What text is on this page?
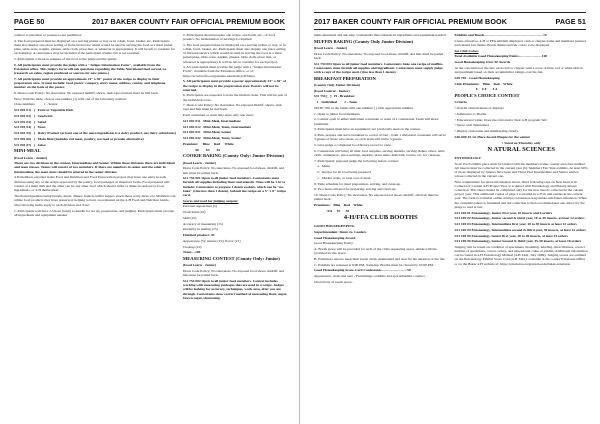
PAGE 50	2017 BAKER COUNTY FAIR OFFICIAL PREMIUM BOOK

a minor to purchase or possess is not permitted.

4. The food prepared must be displayed on a serving platter or tray or in a dish, bowl, basket, etc. Participants must also display one place setting of flatware/service which would be used in serving the food at a meal (salad plate, table-ware, napkin, glasses, table cloth, place mat, or whatever is appropriate). It will be left to consider for each display. A centerpiece may be included if the participant wishes, but is not required.

5. Participants will serve samples of the food to the judge and the public.

6. All participants must provide the judge with a "Judges Information Form", available from the Extension office. This judge's form will ask questions regarding the Table Nutritional food served, i.e. (research on value, region produced or sources for new plants.)

7. All participants must provide an approximate 24" x 30" poster of the recipe to display in their preparation area. It must include: food poster: category, entry name, address, county, and telephone number on the back of the poster.

8. Dress Code Policy: No sleeveless, No exposed midriff, shorts, tank tops and hair must be tied back.

Note: With the table, choose one number (1) with one of the following combos:

Class numbers          1 - Senior

S11 001 01(   )   Fruit or Vegetable Dish

S11 001 02(   )   Sandwich

S11 001 03(   )   Salad

S11 001 04(   )   Yeast

S11 001 05(   )   Dairy Product (at least one of the more ingredients is a dairy product, not dairy substitutes)

S11 001 06(   )   Main Dish (includes red meat, poultry, sea food or protein alternative)

S11 001 07(   )   Salsa

MINI-MEAL

(Food Learn - Junior)

There are two divisions in the contest, Intermediate and Senior. Within those divisions there are individual and team classes. Teams will consist of two members. If there are members in senior and the other in intermediate, the team must should be entered in the senior division.

4-H members enrolled in the Food and Nutrition and Food Preservation project may have one entry in each division using any of the recipe approved by the pantry, food packages or imported foods. Food prepared will consist of a main dish and the other can be any other food which should reflect a make in seafood or food ingredients, or 4-H theme meal.

The main ingredient being breads, lunch, dinner, brunch, buffet supper, snack meal, party meal, etc. Members can utilize food products they have preserved, helping to have an evaluated on the 4-H Food and Nutrition Guide.

The following items apply to each division and class:

1. Participants will have 1.5 hour (team) to handle for set up, preparation, and judging. Participants must provide all ingredients and equipment needed.

2. Participants should prepare one recipe, one batch, etc., of food product. No fermentation of servings is required.

3. The food prepared must be displayed on a serving platter or tray, or in a dish, bowl, basket, etc. Participants must also display one place setting of flatware/service which would be used in serving the food at a meal (salad plate, table-ware, napkin, glasses, table cloth, place mat, or whatever is appropriate). It will be left to consider for each project.

4. All participants must provide the judge with a "Judges Information Form", available from the Extension Office, or at: https://ecostar.ifas.oregonstate.edu/static/pdf/baker

5. All participants must provide a poster approximately 24" x 30" of the recipe to display in the preparation area. Posters will not be returned.

6. Participants are expected to have the kitchen clean. This will be part of the individual score.

7. Dress Code Policy: No sleeveless, No exposed midriff, shorts, tank tops and hair must be tied back.

Each contestant or team may enter only one class:

S11 002 011   Mini-Meal, Intermediate

S11 002 012   Mini-Meal, Team, Intermediate

S11 002 021   Mini-Meal, Senior

S11 002 022   Mini-Meal, Team, Senior

Premium:     Blue     Red     White

$6        $4        $2

COOKIE BAKING (County Only: Junior Division)

(Food Learn - Junior)

Dress Code Policy: No sleeveless, No exposed food shoes, midriff, and hair must be pulled back.

S11 754 001 Open to all junior food members. Contestants must furnish all supplies including flour and utensils. Time will be 1 hr to include: Contestants to prepare 1 dozen cookies, which can be "no-bake" (One less than 1 dozen). Submit the recipe on a 5" x 8" recipe card.

Scores and used for judging outputs:

Personal appearance (5)

Work habit (10)

Skill (10)

Accuracy of measuring (15)

Dexterity in mixing (15)

Finished product: 45

Appearance (5); texture (15); flavor (15)

Cleanup (10)

Total.....100

MEASURING CONTEST (County Only: Junior)

(Food Learn - Junior)

Dress Code Policy: No sleeveless, No exposed food shoes, midriff, and hair must be pulled back.

S11 754 002 Open to all junior food members. Contest includes working with measuring packages that are used in a recipe. Judges will be looking for accuracy, techniques, work area, after you are through. Contestants show correct method of measuring flour, sugar, brown sugar, shortening.

2017 BAKER COUNTY FAIR OFFICIAL PREMIUM BOOK	PAGE 51

items measured and ask why. Contestants must furnish all ingredients and equipment needed.

MUFFIN BAKING (County Only Junior Division)

(Food Learn - Junior)

Dress Code Policy: No sleeveless, No exposed food shoes, midriff, and hair must be pulled back.

S11 754 003 Open to all junior food members. Contestants bake one recipe of muffins. Contestants must furnish all supplies and ingredients. Contestants must supply judge with a copy of the recipe used. (One less than 1 dozen).

BREAKFAST PREPARATION

(County Only Junior Division)

(Food Control - Junior)

S11 754 [   ]   H - Breakfast

1 - Individual        2 - Team

NOTE: Fill in the blank with one number ( ) with appropriate number.

1. Open to junior food members.

2. Contest open to either individual contestant or team of 2 contestants. Team will share premiums.

3. Participants must have an equipment; not previously used on the contest.

4. Plan, prepare and serve breakfast to a total of four - from 1 divisional contestant will serve 3 guests of those who chose, or each team will invite 3 guests.

5. Give judge a completed food history record to view.

6. Contestants will bring all their food supplies, serving utensils, serving dishes, silver, table cloth, centerpiece, place settings, napkins, place mats, dishcloth, towels, etc. for clean up.

7. Participants' prepared judge the following before contest:

a.  Menu

b.  Recipe for all food being prepared

c.  Market order, or total cost of meal.

8. Time schedule for meal preparation, serving, and clean-up.

9. Two hours allowed for preparing, serving and clean-up.

10. Dress Code Policy: No sleeveless, No exposed food shoes, midriff, and hair must be pulled back.

Premiums:   Blue    Red    White

$11     $7      $5

4-H/FFA CLUB BOOTHS

GOOD HOUSEKEEPING

Superintendent: Dunn Jo. Leaders

Good Housekeeping Award

Good Housekeeping Policy

A. Booth space will be provided for each of the clubs requesting space. Abide with the provided for the space.

B. Exhibitors need to keep their booth clean, maintained and neat for the duration of the fair.

C. Exhibits are released at 9:00 PM, Saturday. Booths must be cleared by 10:00 PM.

Good Housekeeping Score Card Contestants.............................50

Appearance, clean and neat - Furnishings, exhibits and sportsmanlike conduct.

Overall use of booth space.

Exhibits and Booth...................................................................70

Clean, attractive, 4-H or FFA emblem displayed, club or chapter name and members pictures and related fair theme. Booth theme and fair colors to be displayed

Set Club Colors

Total Available Good Housekeeping Points..........................100

Good Housekeeping Over 50 Awards

At the conclusion of the fair, each club or chapter with a score of blue, red or white ribbon and premium based on their accumulative ratings over the fair.

S20 700 - Good Housekeeping

Club Premiums:    Blue    Red    White

$     $ 8       $ 4

PEOPLE'S CHOICE CONTEST

Criteria

• Overall attractiveness of displays

• Adherence to Theme

• Educational value; Does the club and/or their 4-H program Tell

• Space well maintained

• Display club name and membership clearly.

S20-000-01 1st Place Award Plaque for the winner

• Voted on Thursday only

N ATURAL SCIENCES

ENTOMOLOGY

Note: Each exhibit piece must be labeled with the member's name, county and class number. All insects must be collected in the current year (by Summer) Fair Year exhibits. At least 90% of those displayed by Juniors have been and Third Year Intermediate and Senior entries whose collected in the current one.

New requirement: for more information about, blind following tape on New Insects in Colleen for Current 4-H Project Year or acquired with Entomology and Botany mixed collection. This sheet should be completed only for the new insects collected in the current project year. This additional copies of page 2 is mailed in to Fair unit entries in the current year. The form is available online at https://extension.oregonstate.edu/baker-extension. When the completed sheet is furnished and the collection is then accommodated one object for the judge to read at fair.

S21 100 01 Entomology, Junior first year, 10 insects and 6 orders

S21 100 02 Entomology, Junior second & third year, 10 to 30 insects, at least 12 orders

S21 100 03 Entomology, Intermediate first year, 10 to 30 insects at least 12 orders

S21 100 04 Entomology, Intermediate second & third year, 30 insects, at least 12 orders

S21 100 05 Entomology, Senior first year, 30 to 40 insects, at least 15 orders

S21 100 06 Entomology, Senior Second & third year, 35-50 insects, at least 18 orders

Judging will be based on condition of specimens, mounting, labeling, attractiveness, correct number of specimens, correct orders, and educational value of exhibit. Additional information can be found in 4-H Entomology Manual (4-H 3441, July 1999). Judging scores are outlined on the Entomology Exhibit Score Card (4-H 3441), available at the county Extension Office or on the Baker 4-H website at: https://extension.oregonstate.edu/baker-extension
